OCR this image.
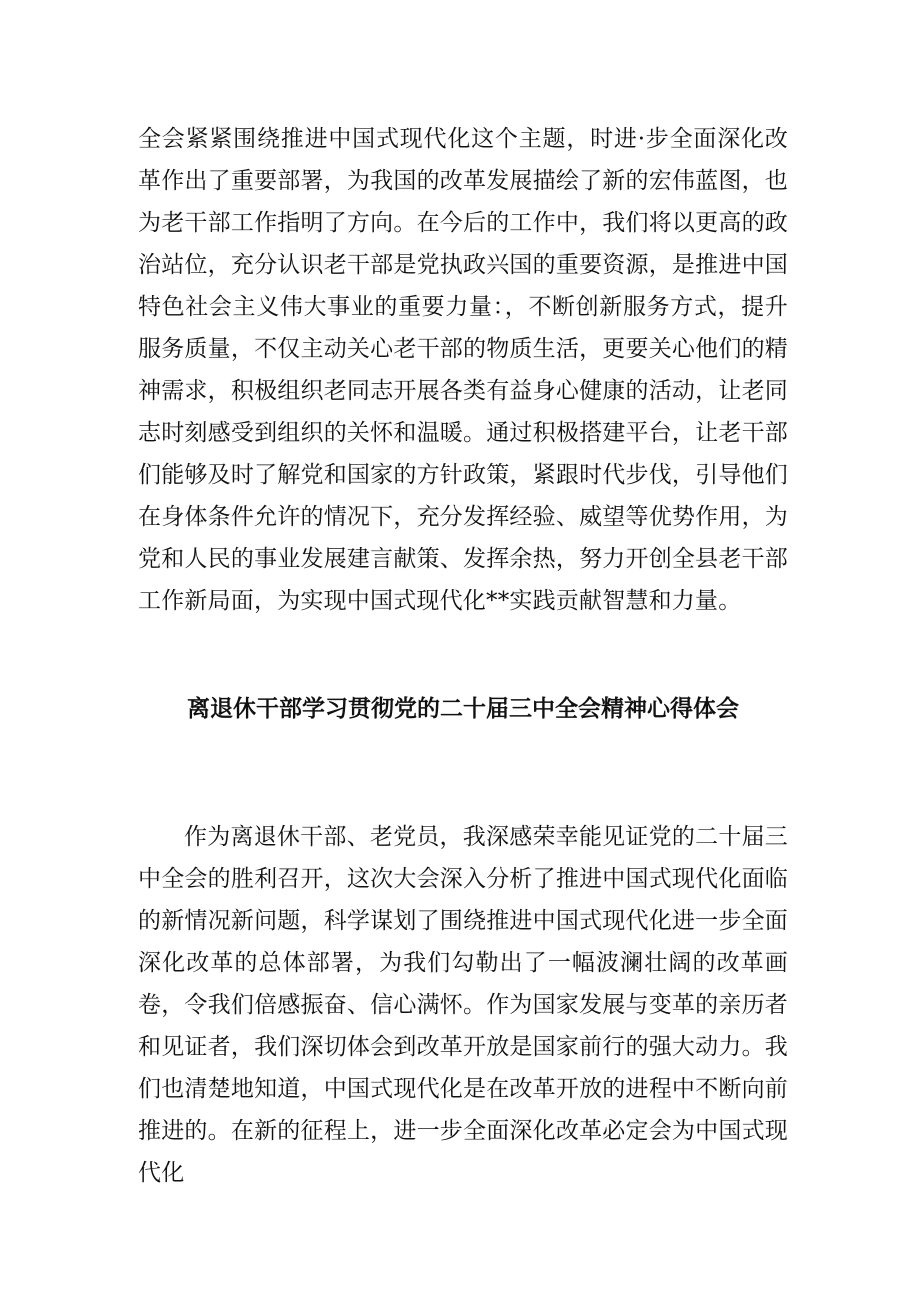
全会紧紧围绕推进中国式现代化这个主题，时进·步全面深化改革作出了重要部署，为我国的改革发展描绘了新的宏伟蓝图，也为老干部工作指明了方向。在今后的工作中，我们将以更高的政治站位，充分认识老干部是党执政兴国的重要资源，是推进中国特色社会主义伟大事业的重要力量：，不断创新服务方式，提升服务质量，不仅主动关心老干部的物质生活，更要关心他们的精神需求，积极组织老同志开展各类有益身心健康的活动，让老同志时刻感受到组织的关怀和温暖。通过积极搭建平台，让老干部们能够及时了解党和国家的方针政策，紧跟时代步伐，引导他们在身体条件允许的情况下，充分发挥经验、威望等优势作用，为党和人民的事业发展建言献策、发挥余热，努力开创全县老干部工作新局面，为实现中国式现代化**实践贡献智慧和力量。

离退休干部学习贯彻党的二十届三中全会精神心得体会

作为离退休干部、老党员，我深感荣幸能见证党的二十届三中全会的胜利召开，这次大会深入分析了推进中国式现代化面临的新情况新问题，科学谋划了围绕推进中国式现代化进一步全面深化改革的总体部署，为我们勾勒出了一幅波澜壮阔的改革画卷，令我们倍感振奋、信心满怀。作为国家发展与变革的亲历者和见证者，我们深切体会到改革开放是国家前行的强大动力。我们也清楚地知道，中国式现代化是在改革开放的进程中不断向前推进的。在新的征程上，进一步全面深化改革必定会为中国式现代化
